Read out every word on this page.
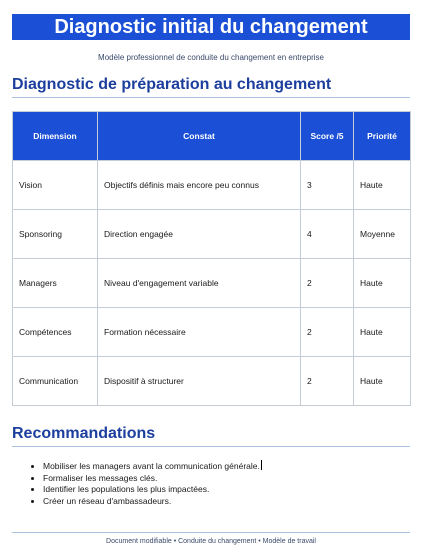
Diagnostic initial du changement
Modèle professionnel de conduite du changement en entreprise
Diagnostic de préparation au changement
Dimension	Constat	Score /5	Priorité
Vision	Objectifs définis mais encore peu connus	3	Haute
Sponsoring	Direction engagée	4	Moyenne
Managers	Niveau d'engagement variable	2	Haute
Compétences	Formation nécessaire	2	Haute
Communication	Dispositif à structurer	2	Haute
Recommandations
• Mobiliser les managers avant la communication générale.
• Formaliser les messages clés.
• Identifier les populations les plus impactées.
• Créer un réseau d'ambassadeurs.
Document modifiable • Conduite du changement • Modèle de travail
